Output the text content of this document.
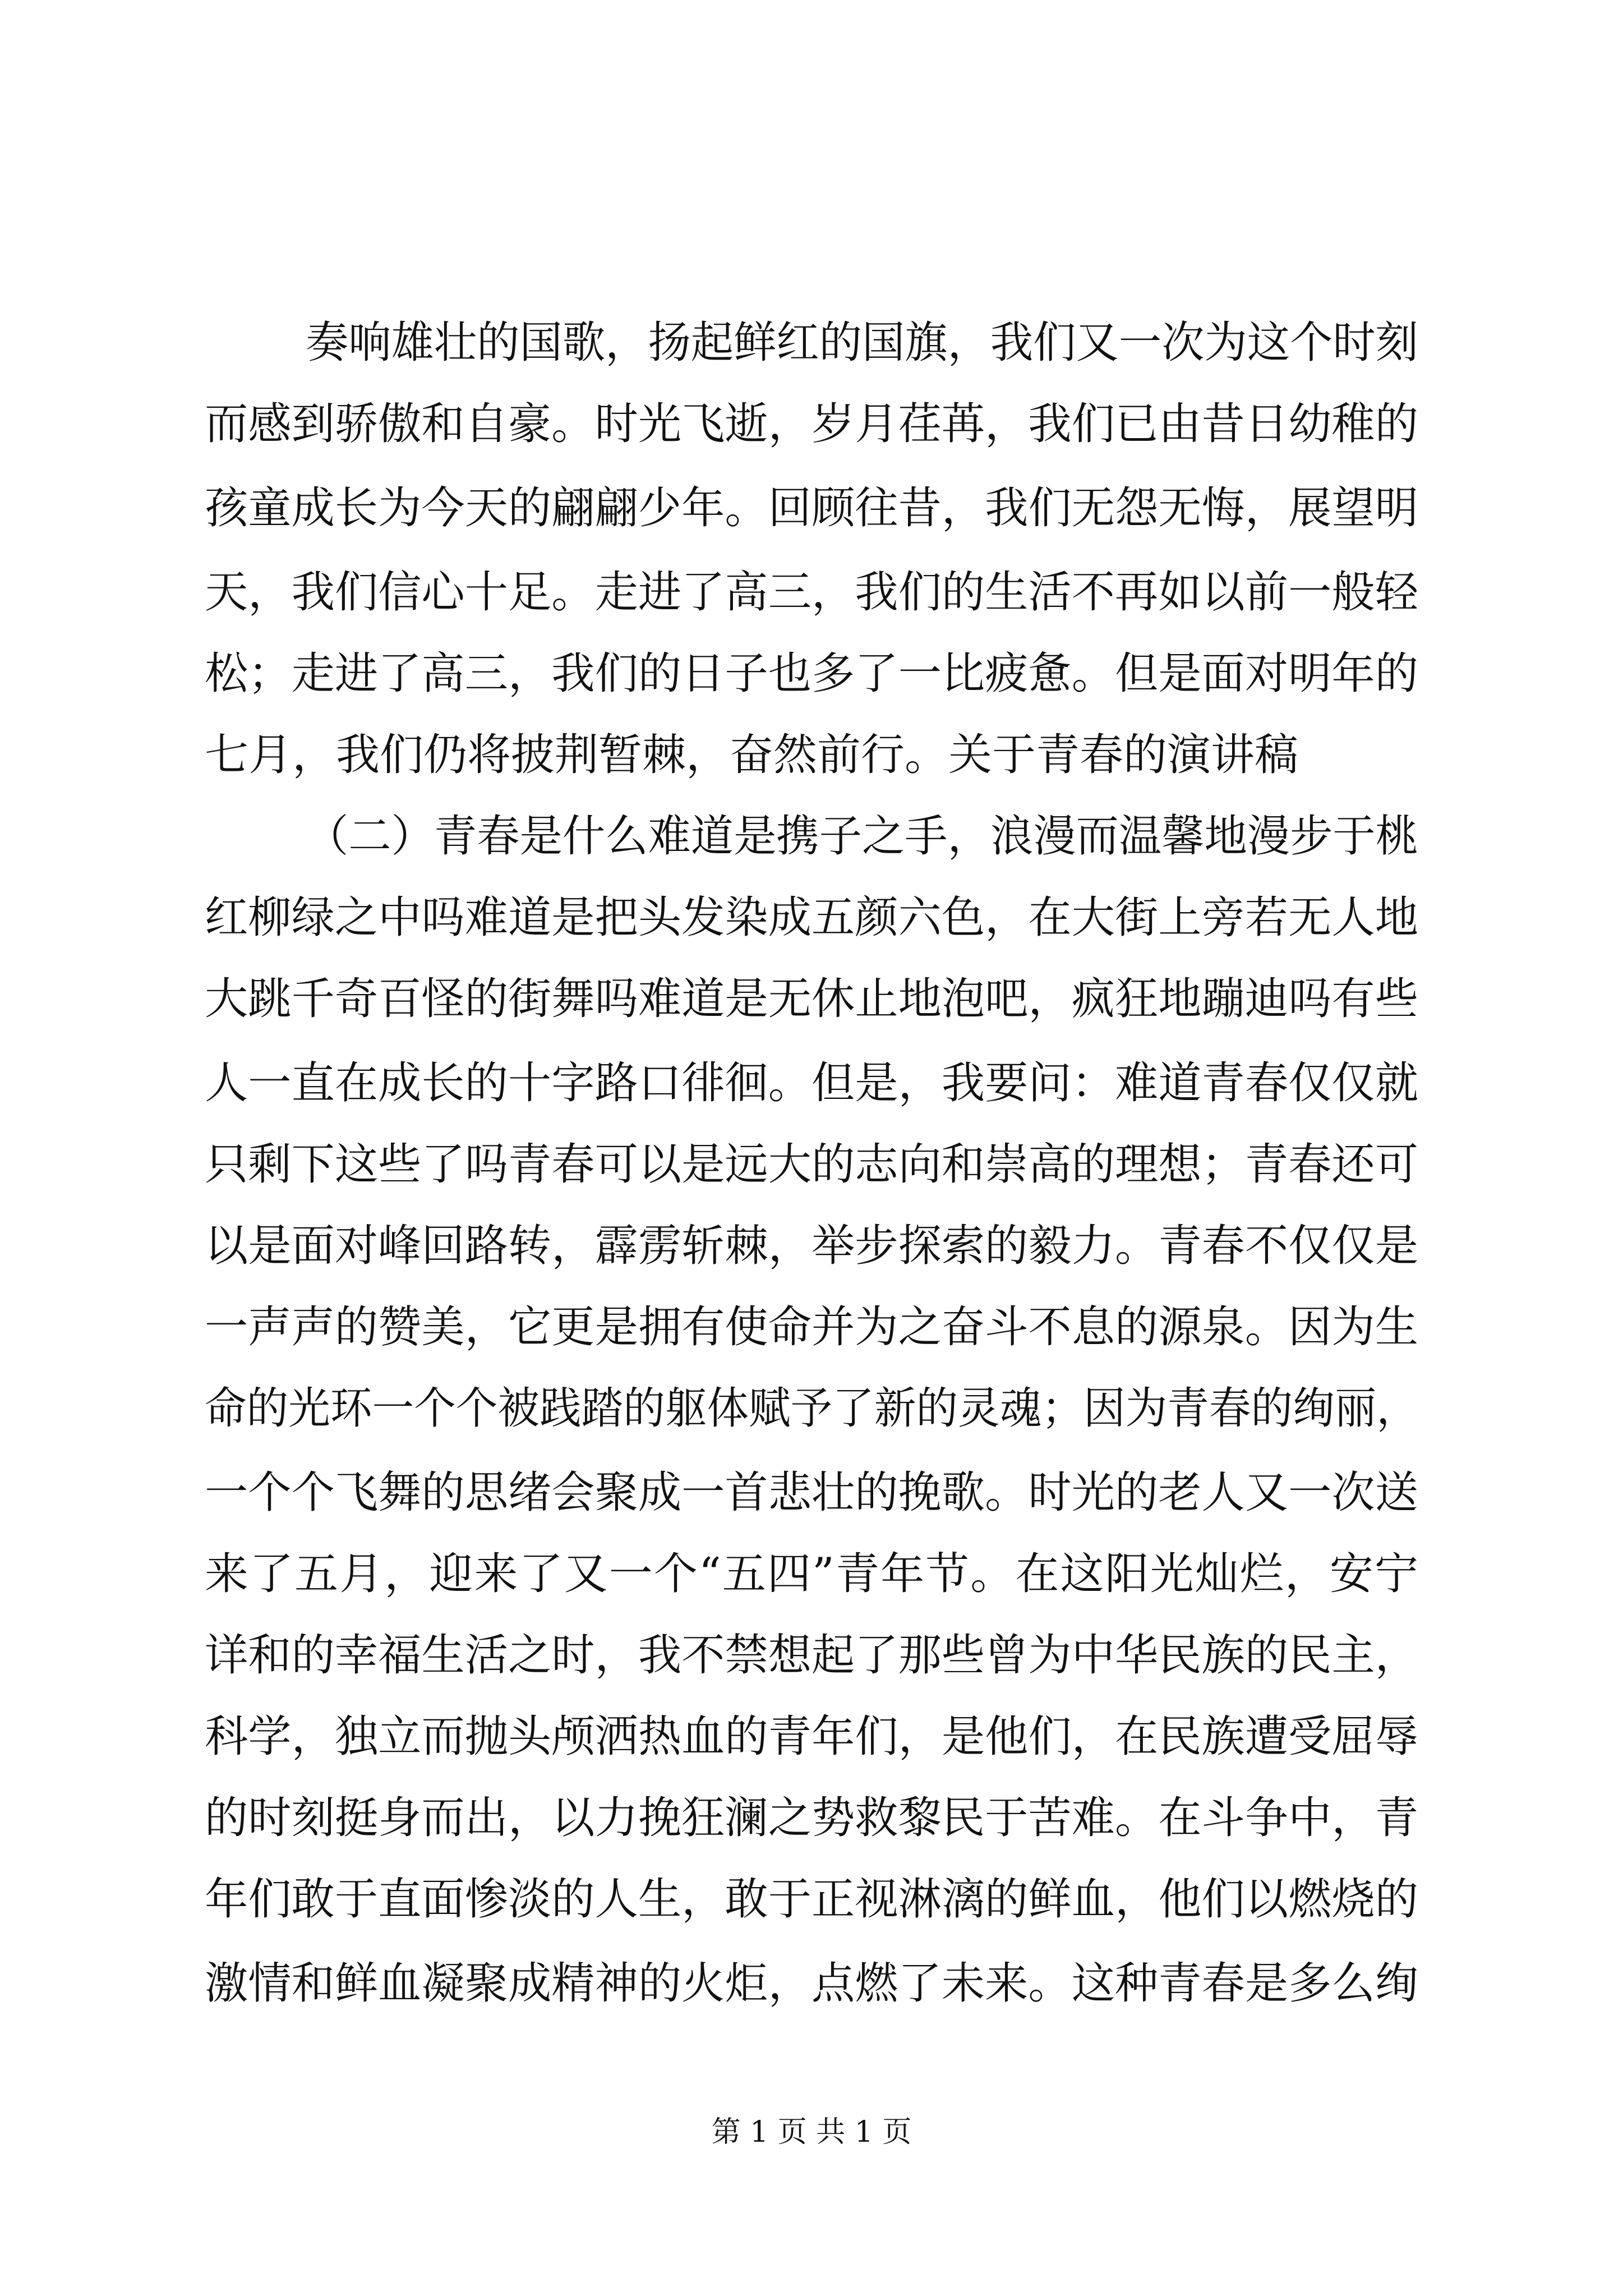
奏响雄壮的国歌，扬起鲜红的国旗，我们又一次为这个时刻
而感到骄傲和自豪。时光飞逝，岁月荏苒，我们已由昔日幼稚的
孩童成长为今天的翩翩少年。回顾往昔，我们无怨无悔，展望明
天，我们信心十足。走进了高三，我们的生活不再如以前一般轻
松；走进了高三，我们的日子也多了一比疲惫。但是面对明年的
七月，我们仍将披荆暂棘，奋然前行。关于青春的演讲稿
（二）青春是什么难道是携子之手，浪漫而温馨地漫步于桃
红柳绿之中吗难道是把头发染成五颜六色，在大街上旁若无人地
大跳千奇百怪的街舞吗难道是无休止地泡吧，疯狂地蹦迪吗有些
人一直在成长的十字路口徘徊。但是，我要问：难道青春仅仅就
只剩下这些了吗青春可以是远大的志向和崇高的理想；青春还可
以是面对峰回路转，霹雳斩棘，举步探索的毅力。青春不仅仅是
一声声的赞美，它更是拥有使命并为之奋斗不息的源泉。因为生
命的光环一个个被践踏的躯体赋予了新的灵魂；因为青春的绚丽，
一个个飞舞的思绪会聚成一首悲壮的挽歌。时光的老人又一次送
来了五月，迎来了又一个“五四”青年节。在这阳光灿烂，安宁
详和的幸福生活之时，我不禁想起了那些曾为中华民族的民主，
科学，独立而抛头颅洒热血的青年们，是他们，在民族遭受屈辱
的时刻挺身而出，以力挽狂澜之势救黎民于苦难。在斗争中，青
年们敢于直面惨淡的人生，敢于正视淋漓的鲜血，他们以燃烧的
激情和鲜血凝聚成精神的火炬，点燃了未来。这种青春是多么绚
第 1 页 共 1 页
